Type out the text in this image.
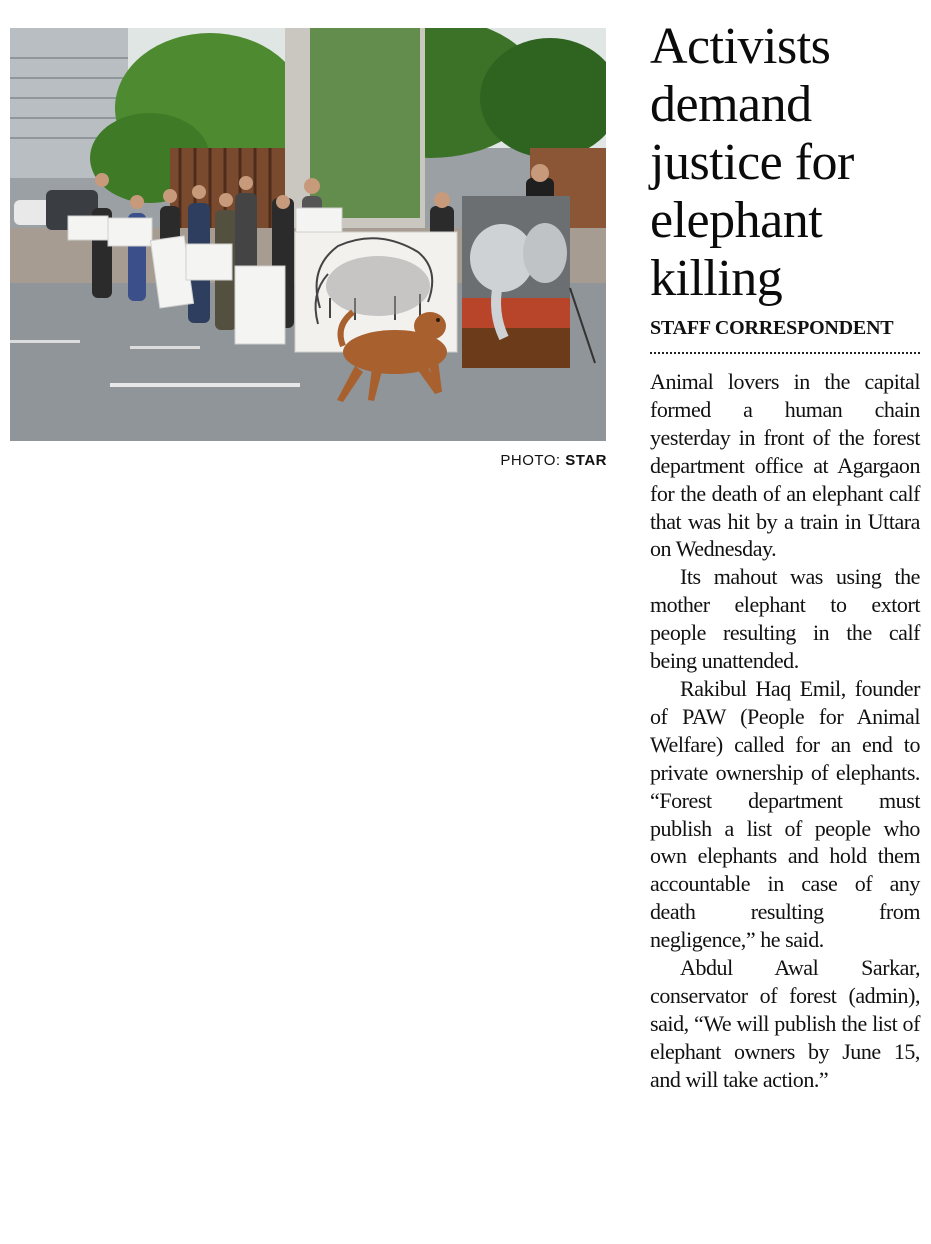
PHOTO: STAR
Activists demand justice for elephant killing
STAFF CORRESPONDENT

Animal lovers in the capital formed a human chain yesterday in front of the forest department office at Agargaon for the death of an elephant calf that was hit by a train in Uttara on Wednesday.

Its mahout was using the mother elephant to extort people resulting in the calf being unattended.

Rakibul Haq Emil, founder of PAW (People for Animal Welfare) called for an end to private ownership of elephants. “Forest department must publish a list of people who own elephants and hold them accountable in case of any death resulting from negligence,” he said.

Abdul Awal Sarkar, conservator of forest (admin), said, “We will publish the list of elephant owners by June 15, and will take action.”
